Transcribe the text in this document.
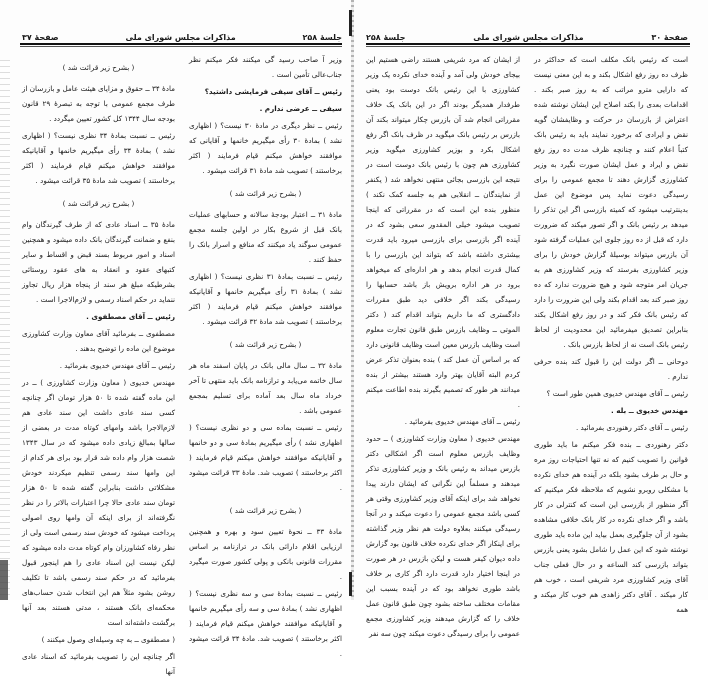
جلسهٔ ۲۵۸
مذاکرات مجلس شورای ملی
صفحهٔ ۳۷

وزیر آ صاحب رسید گی میکنند فکر میکنم نظر جناب‌عالی تأمین است .

رئیس ــ آقای سیفی فرمایشی داشتید؟

سیفی ــ عرضی ندارم .

رئیس ــ نظر دیگری در مادهٔ ۳۰ نیست؟ ( اظهاری نشد ) بمادهٔ ۳۰ رأی میگیریم خانمها و آقایانی که موافقند خواهش میکنم قیام فرمایند ( اکثر برخاستند ) تصویب شد مادهٔ ۳۱ قرائت میشود .

( بشرح زیر قرائت شد )

مادهٔ ۳۱ ــ اعتبار بودجهٔ سالانه و حسابهای عملیات بانک قبل از شروع بکار در اولین جلسه مجمع عمومی سوگند یاد میکنند که منافع و اسرار بانک را حفظ کنند .

رئیس ــ نسبت بمادهٔ ۳۱ نظری نیست؟ ( اظهاری نشد ) بمادهٔ ۳۱ رأی میگیریم خانمها و آقایانیکه موافقند خواهش میکنم قیام فرمایند ( اکثر برخاستند ) تصویب شد مادهٔ ۳۲ قرائت میشود .

( بشرح زیر قرائت شد )

مادهٔ ۳۲ ــ سال مالی بانک در پایان اسفند ماه هر سال خاتمه می‌یابد و ترازنامه بانک باید منتهی تا آخر خرداد ماه سال بعد آماده برای تسلیم بمجمع عمومی باشد .

رئیس ــ نسبت بماده سی و دو نظری نیست؟ ( اظهاری نشد ) رأی میگیریم بمادهٔ سی و دو خانمها و آقایانیکه موافقند خواهش میکنم قیام فرمایند ( اکثر برخاستند ) تصویب شد. مادهٔ ۳۳ قرائت میشود .

( بشرح زیر قرائت شد )

مادهٔ ۳۳ ــ نحوهٔ تعیین سود و بهره و همچنین ارزیابی اقلام دارائی بانک در ترازنامه بر اساس مقررات قانونی بانکی و پولی کشور صورت میگیرد .

رئیس ــ نسبت بمادهٔ سی و سه نظری نیست؟ ( اظهاری نشد ) بمادهٔ سی و سه رأی میگیریم خانمها و آقایانیکه موافقند خواهش میکنم قیام فرمایند ( اکثر برخاستند ) تصویب شد. مادهٔ ۳۴ قرائت میشود .

( بشرح زیر قرائت شد )

مادهٔ ۳۴ ــ حقوق و مزایای هیئت عامل و بازرسان از طرف مجمع عمومی با توجه به تبصرهٔ ۲۹ قانون بودجه سال ۱۳۴۴ کل کشور تعیین میگردد .

رئیس ــ نسبت بمادهٔ ۳۴ نظری نیست؟ ( اظهاری نشد ) بمادهٔ ۳۴ رأی میگیریم خانمها و آقایانیکه موافقند خواهش میکنم قیام فرمایند ( اکثر برخاستند ) تصویب شد مادهٔ ۳۵ قرائت میشود .

( بشرح زیر قرائت شد )

مادهٔ ۳۵ ــ اسناد عادی که از طرف گیرندگان وام بنفع و ضمانت گیرندگان بانک داده میشود و همچنین اسناد و امور مربوط بسند قبض و اقساط و سایر کتبهای عقود و انعقاد به های عقود روستائی بشرطیکه مبلغ هر سند از پنجاه هزار ریال تجاوز ننماید در حکم اسناد رسمی و لازم‌الاجرا است .

رئیس ــ آقای مصطفوی .

مصطفوی ــ بفرمائید آقای معاون وزارت کشاورزی موضوع این ماده را توضیح بدهند .

رئیس ــ آقای مهندس خدیوی بفرمائید .

مهندس خدیوی ( معاون وزارت کشاورزی ) ــ در این ماده گفته شده تا ۵۰ هزار تومان اگر چنانچه کسی سند عادی داشت این سند عادی هم لازم‌الاجرا باشد وامهای کوتاه مدت در بعضی از سالها بمبالغ زیادی داده میشود که در سال ۱۳۴۳ شصت هزار وام داده شد قرار بود برای هر کدام از این وامها سند رسمی تنظیم میکردند خودش مشکلاتی داشت بنابراین گفته شده تا ۵۰ هزار تومان سند عادی حالا چرا اعتبارات بالاتر را در نظر نگرفته‌اند از برای اینکه آن وامها روی اصولی پرداخت میشود که خودش سند رسمی است ولی از نظر رفاه کشاورزان وام کوتاه مدت داده میشود که لیکن نیست این اسناد عادی را هم اینجور قبول بفرمائید که در حکم سند رسمی باشد تا تکلیف روشن بشود مثلاً هم این انتخاب شدن حساب‌های محکمه‌ای بانک هستند ، مدتی هستند بعد آنها برگشت داشته‌اند است

( مصطفوی ــ به چه وسیله‌ای وصول میکنند )

اگر چنانچه این را تصویب بفرمائید که اسناد عادی آنها

صفحهٔ ۳۰
مذاکرات مجلس شورای ملی
جلسهٔ ۲۵۸

است که رئیس بانک مکلف است که حداکثر در ظرف ده روز رفع اشکال بکند و به این معنی نیست که دارایی مترو مراتب که به روز صبر بکند . اقدامات بعدی را بکند اصلاح این ایشان نوشته شده اعتراض از بازرسان در حرکت و وظایفشان گویه نقض و ایرادی که برخورد نمایند باید به رئیس بانک کتباً اعلام کنند و چنانچه ظرف مدت ده روز رفع نقض و ایراد و عمل ایشان صورت نگیرد به وزیر کشاورزی گزارش دهند تا مجمع عمومی را برای رسیدگی دعوت نماید پس موضوع این عمل بدینترتیب میشود که کمیته بازرسی اگر این تذکر را میدهد بر رئیس بانک و اگر تصور میکند که ضرورت دارد که قبل از ده روز جلوی این عملیات گرفته شود آن بازرس میتواند بوسیلهٔ گزارش خودش را برای وزیر کشاورزی بفرستد که وزیر کشاورزی هم به جریان امر متوجه شود و هیچ ضرورت ندارد که ده روز صبر کند بعد اقدام بکند ولی این ضرورت را دارد که رئیس بانک فکر کند و در روز رفع اشکال بکند بنابراین تصدیق میفرمائید این محدودیت از لحاظ رئیس بانک است نه از لحاظ بازرس بانک .

دوحانی ــ اگر دولت این را قبول کند بنده حرفی ندارم .

رئیس ــ آقای مهندس خدیوی همین طور است ؟

مهندس خدیوی ــ بله .

رئیس ــ آقای دکتر رهنوردی بفرمائید .

دکتر رهنوردی ــ بنده فکر میکنم ما باید طوری قوانین را تصویب کنیم که نه تنها احتیاجات روز مره و حال بر طرف بشود بلکه در آینده هم خدای نکرده با مشکلی روبرو نشویم که ملاحظه فکر میکنیم که آگر منظور از بازرسی این است که کنترلی در کار باشد و اگر خدای نکرده در کار بانک خلافی مشاهده بشود از آن جلوگیری بعمل بیاید این ماده باید طوری نوشته شود که این عمل را شامل بشود یعنی بازرس بتواند بازرسی کند الساعه و در حال فعلی جناب آقای وزیر کشاورزی مرد شریفی است ، خوب هم کار میکند . آقای دکتر زاهدی هم خوب کار میکند و همه

از ایشان که مرد شریفی هستند راضی هستیم این بیجای خودش ولی آمد و آینده خدای نکرده یک وزیر کشاورزی با این رئیس بانک دوست بود یعنی طرفدار همدیگر بودند اگر در این بانک یک خلاف مقرراتی انجام شد آن بازرس چکار میتواند بکند آن بازرس بر رئیس بانک میگوید در ظرف بانک اگر رفع اشکال بکرد و بوزیر کشاورزی میگوید وزیر کشاورزی هم چون با رئیس بانک دوست است در نتیجه این بازرسی بجائی منتهی نخواهد شد ( یکنفر از نمایندگان ــ انقلابی هم به جلسه کمک نکند ) منظور بنده این است که در مقرراتی که اینجا تصویب میشود خیلی المقدور سعی بشود که در آینده اگر بازرسی برای بازرسی میرود باید قدرت بیشتری داشته باشد که بتواند این بازرسی را با کمال قدرت انجام بدهد و هر اداره‌ای که میخواهد برود در هر اداره برویش باز باشد حسابها را رسیدگی بکند اگر خلافی دید طبق مقررات دادگستری که ما داریم بتواند اقدام کند ( دکتر الموتی ــ وظایف بازرس طبق قانون تجارت معلوم است وظایف بازرس معین است وظایف قانونی دارد که بر اساس آن عمل کند ) بنده بعنوان تذکر عرض کردم البته آقایان بهتر وارد هستند بیشتر از بنده میدانند هر طور که تصمیم بگیرند بنده اطاعت میکنم .

رئیس ــ آقای مهندس خدیوی بفرمائید .

مهندس خدیوی ( معاون وزارت کشاورزی ) ــ حدود وظایف بازرس معلوم است اگر اشکالی دکتر بازرس میداند به رئیس بانک و وزیر کشاورزی تذکر میدهند و مسلماً این نگرانی که ایشان دارند پیدا نخواهد شد برای اینکه آقای وزیر کشاورزی وقتی هر کسی باشد مجمع عمومی را دعوت میکند و در آنجا رسیدگی میکنند بعلاوه دولت هم نظر وزیر گذاشته برای اینکار اگر خدای نکرده خلاف قانون بود گزارش داده دیوان کیفر هست و لیکن بازرس در هر صورت در اینجا اختیار دارد قدرت دارد اگر کاری بر خلاف باشد طوری نخواهد بود که در آینده بسبب این مقامات مختلف ساخته بشود چون طبق قانون عمل خلاف را که گزارش میدهند وزیر کشاورزی مجمع عمومی را برای رسیدگی دعوت میکند چون سه نفر
